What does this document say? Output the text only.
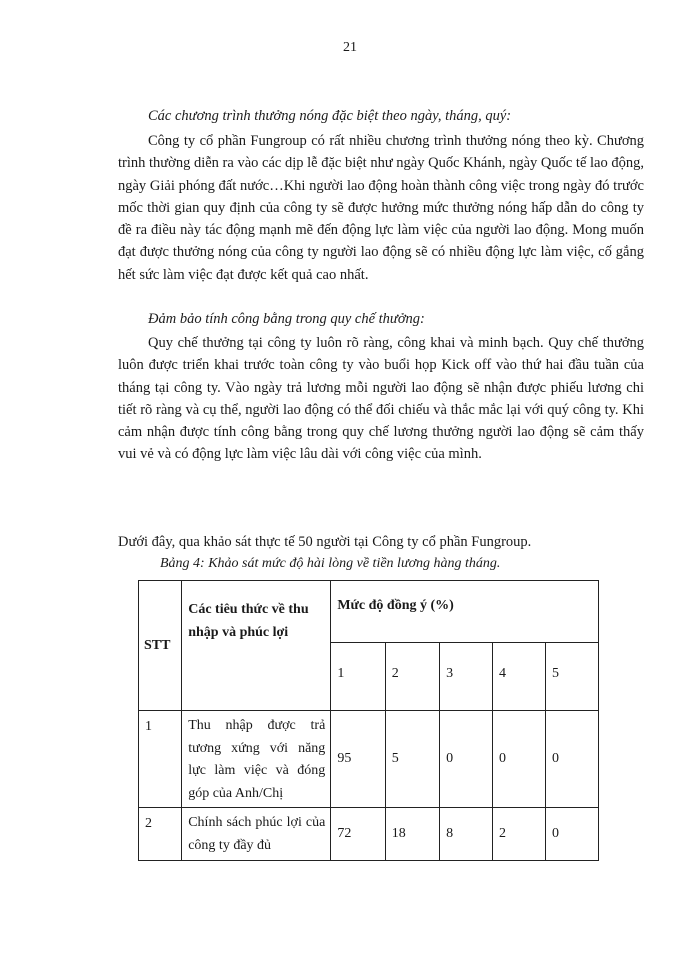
21
Các chương trình thưởng nóng đặc biệt theo ngày, tháng, quý:

Công ty cổ phần Fungroup có rất nhiều chương trình thưởng nóng theo kỳ. Chương trình thường diễn ra vào các dịp lễ đặc biệt như ngày Quốc Khánh, ngày Quốc tế lao động, ngày Giải phóng đất nước…Khi người lao động hoàn thành công việc trong ngày đó trước mốc thời gian quy định của công ty sẽ được hưởng mức thưởng nóng hấp dẫn do công ty đề ra điều này tác động mạnh mẽ đến động lực làm việc của người lao động. Mong muốn đạt được thưởng nóng của công ty người lao động sẽ có nhiều động lực làm việc, cố gắng hết sức làm việc đạt được kết quả cao nhất.

Đảm bảo tính công bằng trong quy chế thưởng:

Quy chế thưởng tại công ty luôn rõ ràng, công khai và minh bạch. Quy chế thưởng luôn được triển khai trước toàn công ty vào buổi họp Kick off vào thứ hai đầu tuần của tháng tại công ty. Vào ngày trả lương mỗi người lao động sẽ nhận được phiếu lương chi tiết rõ ràng và cụ thể, người lao động có thể đối chiếu và thắc mắc lại với quý công ty. Khi cảm nhận được tính công bằng trong quy chế lương thưởng người lao động sẽ cảm thấy vui vẻ và có động lực làm việc lâu dài với công việc của mình.

Dưới đây, qua khảo sát thực tế 50 người tại Công ty cổ phần Fungroup.
Bảng 4: Khảo sát mức độ hài lòng về tiền lương hàng tháng.
STT	Các tiêu thức về thu nhập và phúc lợi	Mức độ đồng ý (%)				
		1	2	3	4	5
1	Thu nhập được trả tương xứng với năng lực làm việc và đóng góp của Anh/Chị	95	5	0	0	0
2	Chính sách phúc lợi của công ty đầy đủ	72	18	8	2	0
